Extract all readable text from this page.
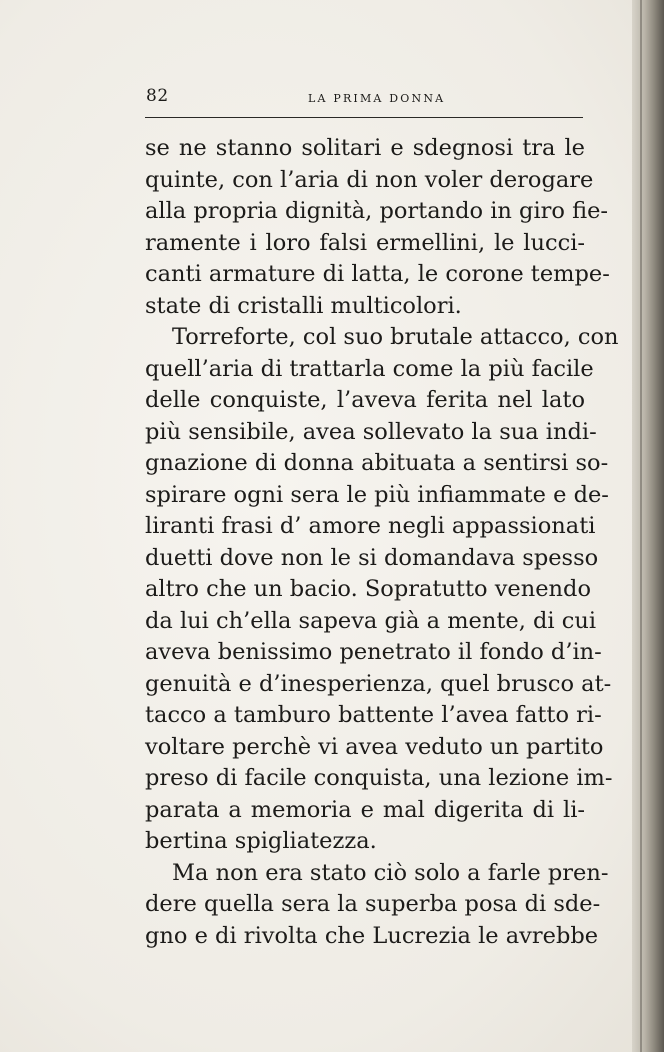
82	LA PRIMA DONNA
se ne stanno solitari e sdegnosi tra le
quinte, con l’aria di non voler derogare
alla propria dignità, portando in giro fie-
ramente i loro falsi ermellini, le lucci-
canti armature di latta, le corone tempe-
state di cristalli multicolori.
Torreforte, col suo brutale attacco, con
quell’aria di trattarla come la più facile
delle conquiste, l’aveva ferita nel lato
più sensibile, avea sollevato la sua indi-
gnazione di donna abituata a sentirsi so-
spirare ogni sera le più infiammate e de-
liranti frasi d’ amore negli appassionati
duetti dove non le si domandava spesso
altro che un bacio. Sopratutto venendo
da lui ch’ella sapeva già a mente, di cui
aveva benissimo penetrato il fondo d’in-
genuità e d’inesperienza, quel brusco at-
tacco a tamburo battente l’avea fatto ri-
voltare perchè vi avea veduto un partito
preso di facile conquista, una lezione im-
parata a memoria e mal digerita di li-
bertina spigliatezza.
Ma non era stato ciò solo a farle pren-
dere quella sera la superba posa di sde-
gno e di rivolta che Lucrezia le avrebbe
